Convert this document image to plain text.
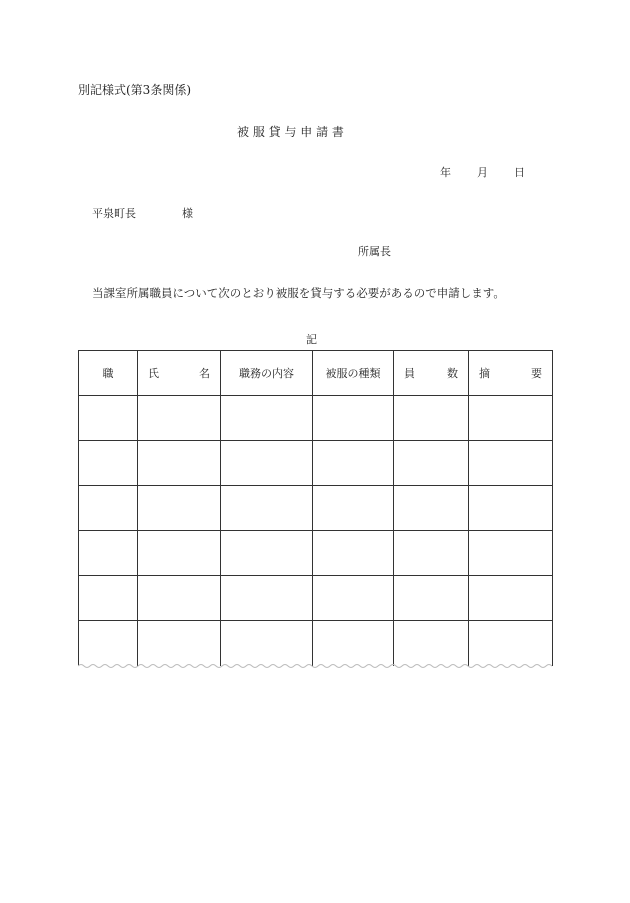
別記様式(第3条関係)
被 服 貸 与 申 請 書
年 月 日
平泉町長	様
所属長
当課室所属職員について次のとおり被服を貸与する必要があるので申請します。
記
職	氏 名	職務の内容	被服の種類	員 数	摘 要
